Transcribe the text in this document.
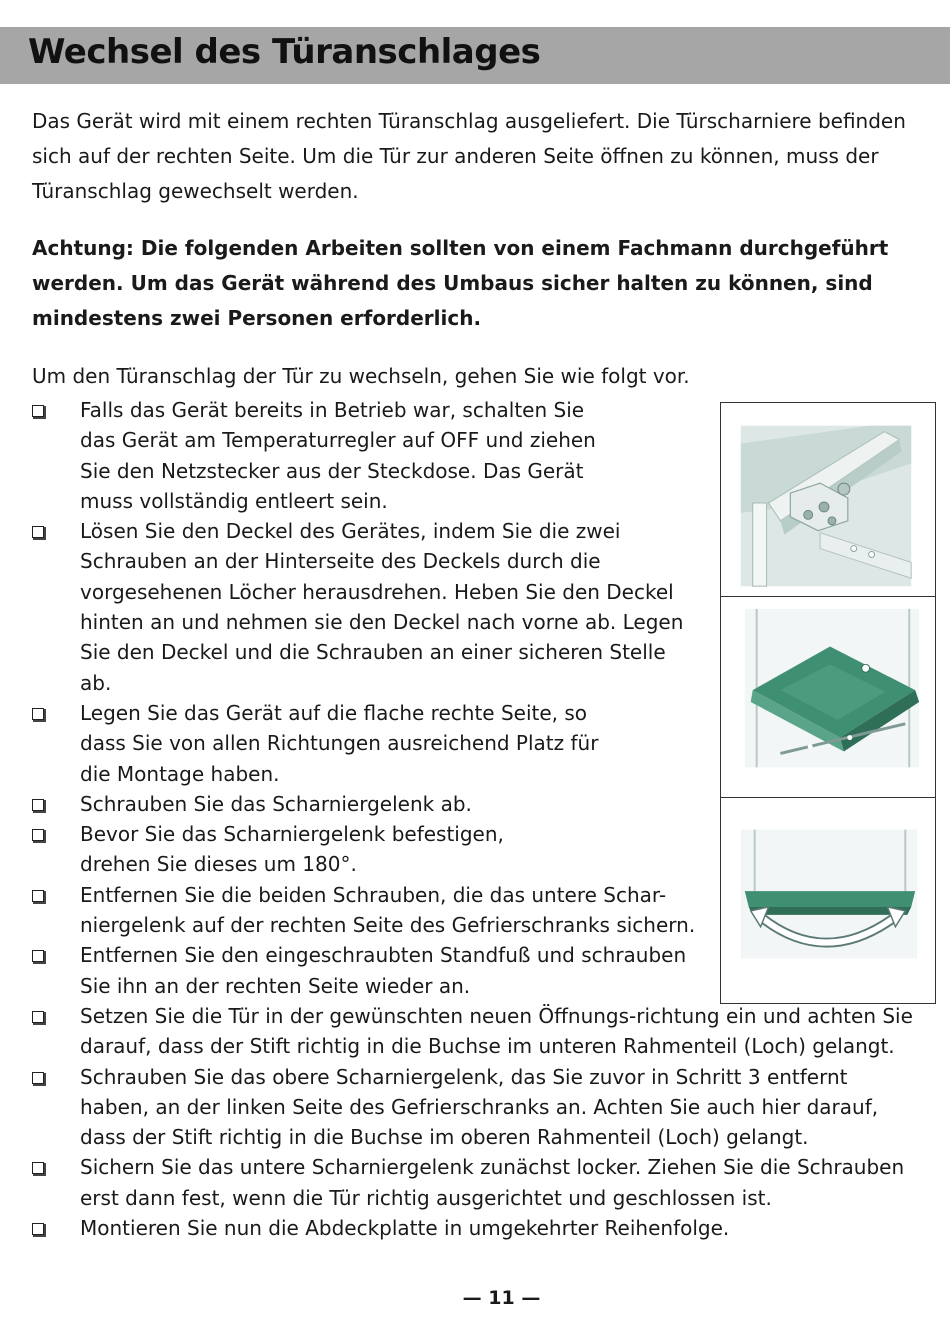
Wechsel des Türanschlages

Das Gerät wird mit einem rechten Türanschlag ausgeliefert. Die Türscharniere befinden sich auf der rechten Seite. Um die Tür zur anderen Seite öffnen zu können, muss der Türanschlag gewechselt werden.

Achtung: Die folgenden Arbeiten sollten von einem Fachmann durchgeführt werden. Um das Gerät während des Umbaus sicher halten zu können, sind mindestens zwei Personen erforderlich.

Um den Türanschlag der Tür zu wechseln, gehen Sie wie folgt vor.

Falls das Gerät bereits in Betrieb war, schalten Sie das Gerät am Temperaturregler auf OFF und ziehen Sie den Netzstecker aus der Steckdose. Das Gerät muss vollständig entleert sein.
Lösen Sie den Deckel des Gerätes, indem Sie die zwei Schrauben an der Hinterseite des Deckels durch die vorgesehenen Löcher herausdrehen. Heben Sie den Deckel hinten an und nehmen sie den Deckel nach vorne ab. Legen Sie den Deckel und die Schrauben an einer sicheren Stelle ab.
Legen Sie das Gerät auf die flache rechte Seite, so dass Sie von allen Richtungen ausreichend Platz für die Montage haben.
Schrauben Sie das Scharniergelenk ab.
Bevor Sie das Scharniergelenk befestigen, drehen Sie dieses um 180°.
Entfernen Sie die beiden Schrauben, die das untere Schar-niergelenk auf der rechten Seite des Gefrierschranks sichern.
Entfernen Sie den eingeschraubten Standfuß und schrauben Sie ihn an der rechten Seite wieder an.
Setzen Sie die Tür in der gewünschten neuen Öffnungs-richtung ein und achten Sie darauf, dass der Stift richtig in die Buchse im unteren Rahmenteil (Loch) gelangt.
Schrauben Sie das obere Scharniergelenk, das Sie zuvor in Schritt 3 entfernt haben, an der linken Seite des Gefrierschranks an. Achten Sie auch hier darauf, dass der Stift richtig in die Buchse im oberen Rahmenteil (Loch) gelangt.
Sichern Sie das untere Scharniergelenk zunächst locker. Ziehen Sie die Schrauben erst dann fest, wenn die Tür richtig ausgerichtet und geschlossen ist.
Montieren Sie nun die Abdeckplatte in umgekehrter Reihenfolge.
— 11 —
